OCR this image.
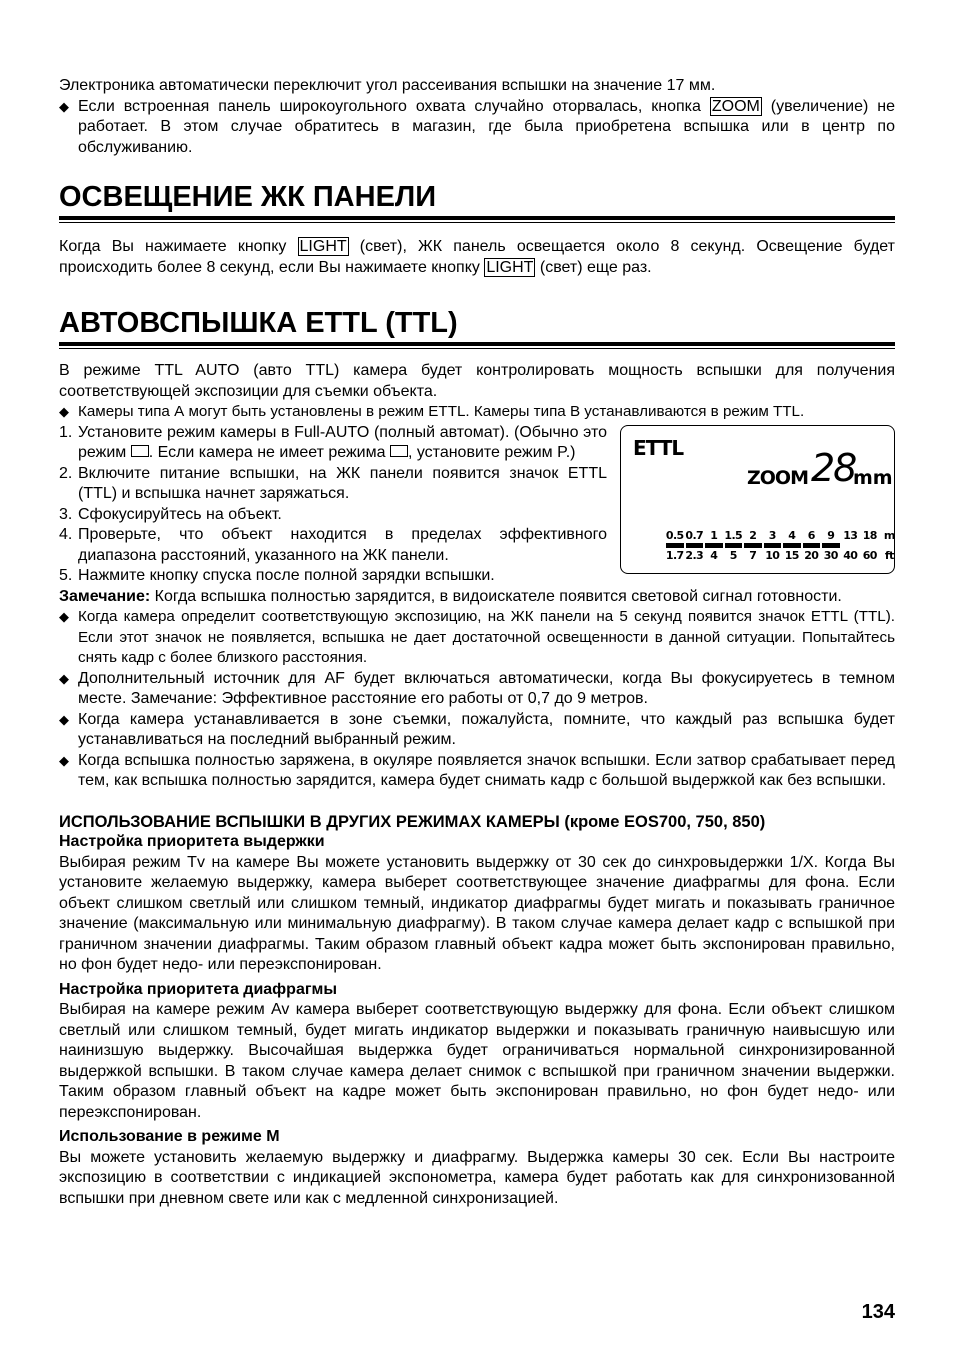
Электроника автоматически переключит угол рассеивания вспышки на значение 17 мм.

◆ Если встроенная панель широкоугольного охвата случайно оторвалась, кнопка ZOOM (увеличение) не работает. В этом случае обратитесь в магазин, где была приобретена вспышка или в центр по обслуживанию.

ОСВЕЩЕНИЕ ЖК ПАНЕЛИ

Когда Вы нажимаете кнопку LIGHT (свет), ЖК панель освещается около 8 секунд. Освещение будет происходить более 8 секунд, если Вы нажимаете кнопку LIGHT (свет) еще раз.

АВТОВСПЫШКА ETTL (TTL)

В режиме TTL AUTO (авто TTL) камера будет контролировать мощность вспышки для получения соответствующей экспозиции для съемки объекта.

◆ Камеры типа А могут быть установлены в режим ETTL. Камеры типа В устанавливаются в режим TTL.

1. Установите режим камеры в Full-AUTO (полный автомат). (Обычно это режим . Если камера не имеет режима , установите режим P.)
2. Включите питание вспышки, на ЖК панели появится значок ETTL (TTL) и вспышка начнет заряжаться.
3. Сфокусируйтесь на объект.
4. Проверьте, что объект находится в пределах эффективного диапазона расстояний, указанного на ЖК панели.
5. Нажмите кнопку спуска после полной зарядки вспышки.
ETTL
ZOOM 28
mm
0.5
1.7
0.7
2.3
1
4
1.5
5
2
7
3
10
4
15
6
20
9
30
13
40
18
60
m
ft

Замечание: Когда вспышка полностью зарядится, в видоискателе появится световой сигнал готовности.

◆ Когда камера определит соответствующую экспозицию, на ЖК панели на 5 секунд появится значок ETTL (TTL). Если этот значок не появляется, вспышка не дает достаточной освещенности в данной ситуации. Попытайтесь снять кадр с более близкого расстояния.

◆ Дополнительный источник для AF будет включаться автоматически, когда Вы фокусируетесь в темном месте. Замечание: Эффективное расстояние его работы от 0,7 до 9 метров.

◆ Когда камера устанавливается в зоне съемки, пожалуйста, помните, что каждый раз вспышка будет устанавливаться на последний выбранный режим.

◆ Когда вспышка полностью заряжена, в окуляре появляется значок вспышки. Если затвор срабатывает перед тем, как вспышка полностью зарядится, камера будет снимать кадр с большой выдержкой как без вспышки.

ИСПОЛЬЗОВАНИЕ ВСПЫШКИ В ДРУГИХ РЕЖИМАХ КАМЕРЫ (кроме EOS700, 750, 850)
Настройка приоритета выдержки

Выбирая режим Tv на камере Вы можете установить выдержку от 30 сек до синхровыдержки 1/X. Когда Вы установите желаемую выдержку, камера выберет соответствующее значение диафрагмы для фона. Если объект слишком светлый или слишком темный, индикатор диафрагмы будет мигать и показывать граничное значение (максимальную или минимальную диафрагму). В таком случае камера делает кадр с вспышкой при граничном значении диафрагмы. Таким образом главный объект кадра может быть экспонирован правильно, но фон будет недо- или переэкспонирован.

Настройка приоритета диафрагмы

Выбирая на камере режим Av камера выберет соответствующую выдержку для фона. Если объект слишком светлый или слишком темный, будет мигать индикатор выдержки и показывать граничную наивысшую или наинизшую выдержку. Высочайшая выдержка будет ограничиваться нормальной синхронизированной выдержкой вспышки. В таком случае камера делает снимок с вспышкой при граничном значении выдержки. Таким образом главный объект на кадре может быть экспонирован правильно, но фон будет недо- или переэкспонирован.

Использование в режиме М

Вы можете установить желаемую выдержку и диафрагму. Выдержка камеры 30 сек. Если Вы настроите экспозицию в соответствии с индикацией экспонометра, камера будет работать как для синхронизованной вспышки при дневном свете или как с медленной синхронизацией.

134
